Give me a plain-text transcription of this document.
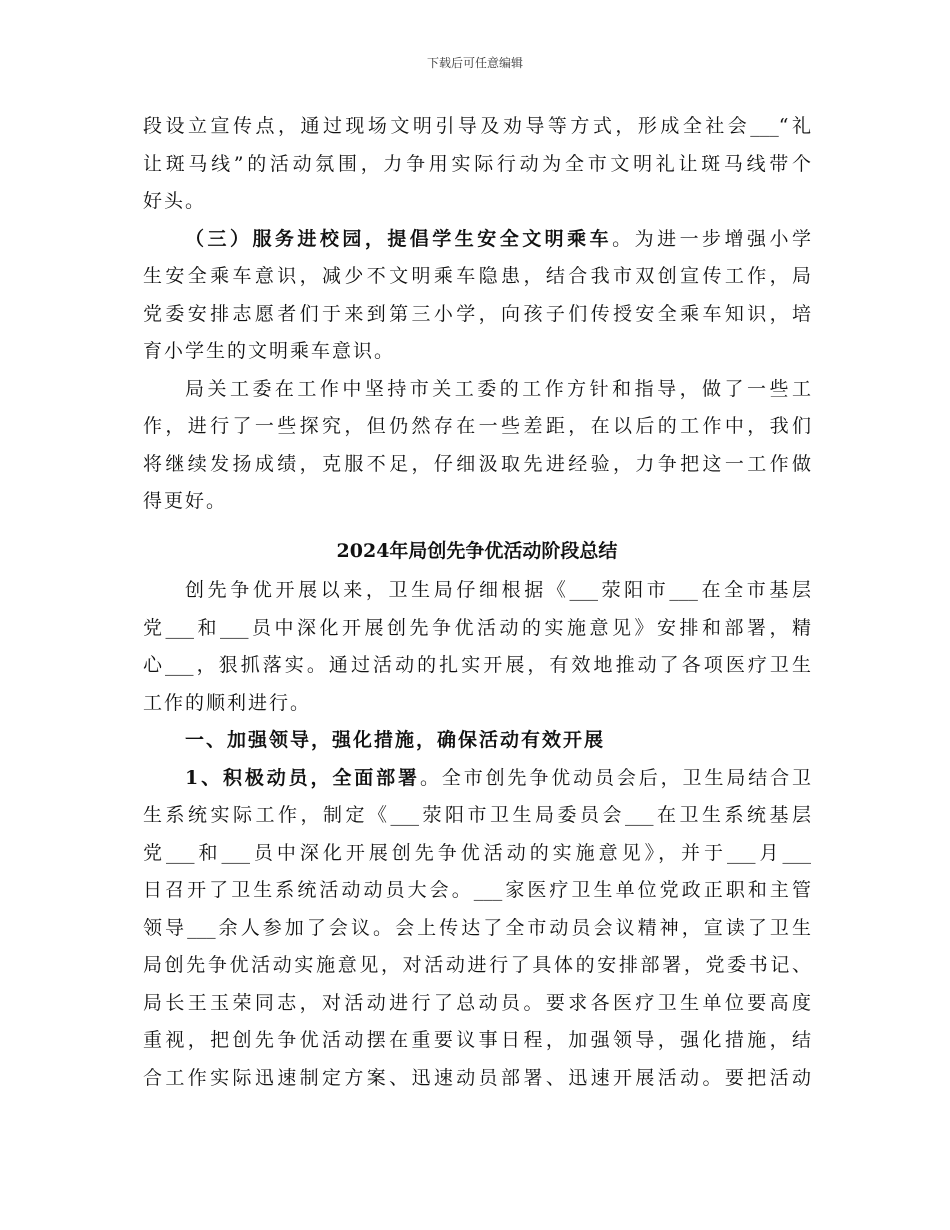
下载后可任意编辑
段设立宣传点，通过现场文明引导及劝导等方式，形成全社会___“礼
让斑马线”的活动氛围，力争用实际行动为全市文明礼让斑马线带个
好头。
（三）服务进校园，提倡学生安全文明乘车。为进一步增强小学
生安全乘车意识，减少不文明乘车隐患，结合我市双创宣传工作，局
党委安排志愿者们于来到第三小学，向孩子们传授安全乘车知识，培
育小学生的文明乘车意识。
局关工委在工作中坚持市关工委的工作方针和指导，做了一些工
作，进行了一些探究，但仍然存在一些差距，在以后的工作中，我们
将继续发扬成绩，克服不足，仔细汲取先进经验，力争把这一工作做
得更好。
2024年局创先争优活动阶段总结
创先争优开展以来，卫生局仔细根据《___荥阳市___在全市基层
党___和___员中深化开展创先争优活动的实施意见》安排和部署，精
心___，狠抓落实。通过活动的扎实开展，有效地推动了各项医疗卫生
工作的顺利进行。
一、加强领导，强化措施，确保活动有效开展
1、积极动员，全面部署。全市创先争优动员会后，卫生局结合卫
生系统实际工作，制定《___荥阳市卫生局委员会___在卫生系统基层
党___和___员中深化开展创先争优活动的实施意见》，并于___月___
日召开了卫生系统活动动员大会。___家医疗卫生单位党政正职和主管
领导___余人参加了会议。会上传达了全市动员会议精神，宣读了卫生
局创先争优活动实施意见，对活动进行了具体的安排部署，党委书记、
局长王玉荣同志，对活动进行了总动员。要求各医疗卫生单位要高度
重视，把创先争优活动摆在重要议事日程，加强领导，强化措施，结
合工作实际迅速制定方案、迅速动员部署、迅速开展活动。要把活动
